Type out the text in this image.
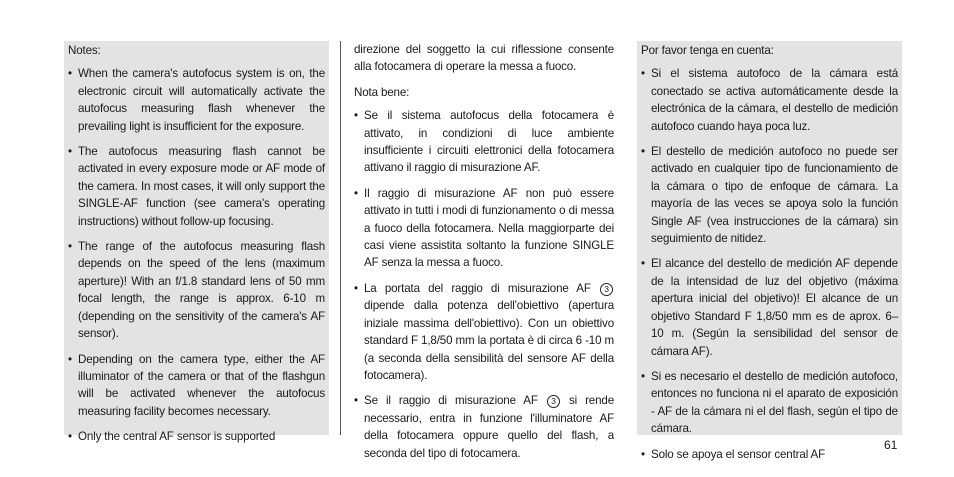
Notes:
• When the camera's autofocus system is on, the electronic circuit will automatically activate the autofocus measuring flash whenever the prevailing light is insufficient for the exposure.
• The autofocus measuring flash cannot be activated in every exposure mode or AF mode of the camera. In most cases, it will only support the SINGLE-AF function (see camera's operating instructions) without follow-up focusing.
• The range of the autofocus measuring flash depends on the speed of the lens (maximum aperture)! With an f/1.8 standard lens of 50 mm focal length, the range is approx. 6-10 m (depending on the sensitivity of the camera's AF sensor).
• Depending on the camera type, either the AF illuminator of the camera or that of the flashgun will be activated whenever the autofocus measuring facility becomes necessary.
• Only the central AF sensor is supported
direzione del soggetto la cui riflessione consente alla fotocamera di operare la messa a fuoco.
Nota bene:
• Se il sistema autofocus della fotocamera è attivato, in condizioni di luce ambiente insufficiente i circuiti elettronici della fotocamera attivano il raggio di misurazione AF.
• Il raggio di misurazione AF non può essere attivato in tutti i modi di funzionamento o di messa a fuoco della fotocamera. Nella maggiorparte dei casi viene assistita soltanto la funzione SINGLE AF senza la messa a fuoco.
• La portata del raggio di misurazione AF 3 dipende dalla potenza dell'obiettivo (apertura iniziale massima dell'obiettivo). Con un obiettivo standard F 1,8/50 mm la portata è di circa 6 -10 m (a seconda della sensibilità del sensore AF della fotocamera).
• Se il raggio di misurazione AF 3 si rende necessario, entra in funzione l'illuminatore AF della fotocamera oppure quello del flash, a seconda del tipo di fotocamera.
Por favor tenga en cuenta:
• Si el sistema autofoco de la cámara está conectado se activa automáticamente desde la electrónica de la cámara, el destello de medición autofoco cuando haya poca luz.
• El destello de medición autofoco no puede ser activado en cualquier tipo de funcionamiento de la cámara o tipo de enfoque de cámara. La mayoría de las veces se apoya solo la función Single AF (vea instrucciones de la cámara) sin seguimiento de nitidez.
• El alcance del destello de medición AF depende de la intensidad de luz del objetivo (máxima apertura inicial del objetivo)! El alcance de un objetivo Standard F 1,8/50 mm es de aprox. 6–10 m. (Según la sensibilidad del sensor de cámara AF).
• Si es necesario el destello de medición autofoco, entonces no funciona ni el aparato de exposición - AF de la cámara ni el del flash, según el tipo de cámara.
• Solo se apoya el sensor central AF
61
